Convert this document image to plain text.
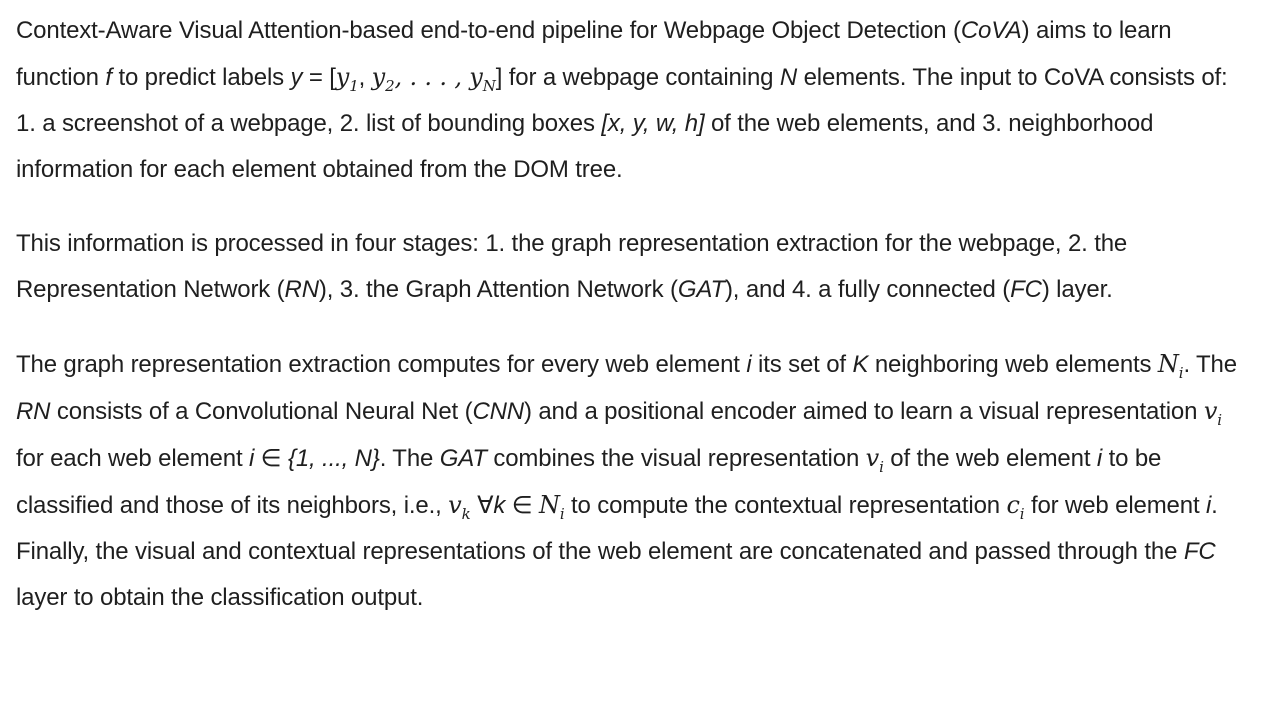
Context-Aware Visual Attention-based end-to-end pipeline for Webpage Object Detection (CoVA) aims to learn function f to predict labels $y = [y_1$, $y_2$, . . . , $y_N$] for a webpage containing N elements. The input to CoVA consists of: 1. a screenshot of a webpage, 2. list of bounding boxes [x, y, w, h] of the web elements, and 3. neighborhood information for each element obtained from the DOM tree.

This information is processed in four stages: 1. the graph representation extraction for the webpage, 2. the Representation Network (RN), 3. the Graph Attention Network (GAT), and 4. a fully connected (FC) layer.

The graph representation extraction computes for every web element i its set of K neighboring web elements $N_i$. The RN consists of a Convolutional Neural Net (CNN) and a positional encoder aimed to learn a visual representation $v_i$ for each web element i ∈ {1, ..., N}. The GAT combines the visual representation $v_i$ of the web element i to be classified and those of its neighbors, i.e., $v_k$ ∀k ∈ $N_i$ to compute the contextual representation $c_i$ for web element i. Finally, the visual and contextual representations of the web element are concatenated and passed through the FC layer to obtain the classification output.
